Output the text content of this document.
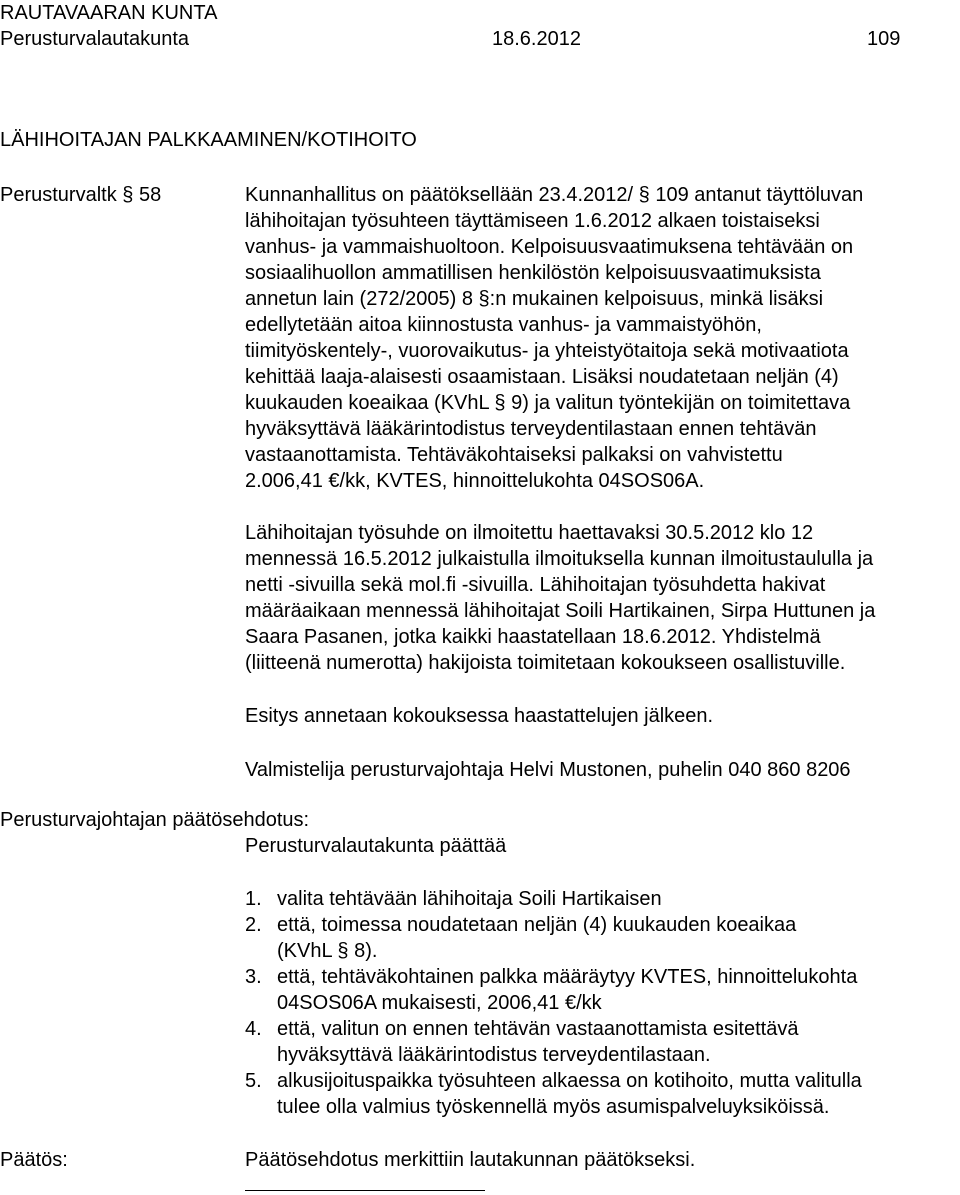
RAUTAVAARAN KUNTA
Perusturvalautakunta	18.6.2012	109
LÄHIHOITAJAN PALKKAAMINEN/KOTIHOITO
Perusturvaltk § 58	Kunnanhallitus on päätöksellään 23.4.2012/ § 109 antanut täyttöluvan
lähihoitajan työsuhteen täyttämiseen 1.6.2012 alkaen toistaiseksi
vanhus- ja vammaishuoltoon. Kelpoisuusvaatimuksena tehtävään on
sosiaalihuollon ammatillisen henkilöstön kelpoisuusvaatimuksista
annetun lain (272/2005) 8 §:n mukainen kelpoisuus, minkä lisäksi
edellytetään aitoa kiinnostusta vanhus- ja vammaistyöhön,
tiimityöskentely-, vuorovaikutus- ja yhteistyötaitoja sekä motivaatiota
kehittää laaja-alaisesti osaamistaan. Lisäksi noudatetaan neljän (4)
kuukauden koeaikaa (KVhL § 9) ja valitun työntekijän on toimitettava
hyväksyttävä lääkärintodistus terveydentilastaan ennen tehtävän
vastaanottamista. Tehtäväkohtaiseksi palkaksi on vahvistettu
2.006,41 €/kk, KVTES, hinnoittelukohta 04SOS06A.
Lähihoitajan työsuhde on ilmoitettu haettavaksi 30.5.2012 klo 12
mennessä 16.5.2012 julkaistulla ilmoituksella kunnan ilmoitustaululla ja
netti -sivuilla sekä mol.fi -sivuilla. Lähihoitajan työsuhdetta hakivat
määräaikaan mennessä lähihoitajat Soili Hartikainen, Sirpa Huttunen ja
Saara Pasanen, jotka kaikki haastatellaan 18.6.2012. Yhdistelmä
(liitteenä numerotta) hakijoista toimitetaan kokoukseen osallistuville.
Esitys annetaan kokouksessa haastattelujen jälkeen.
Valmistelija perusturvajohtaja Helvi Mustonen, puhelin 040 860 8206
Perusturvajohtajan päätösehdotus:
Perusturvalautakunta päättää
1. valita tehtävään lähihoitaja Soili Hartikaisen
2. että, toimessa noudatetaan neljän (4) kuukauden koeaikaa
(KVhL § 8).
3. että, tehtäväkohtainen palkka määräytyy KVTES, hinnoittelukohta
04SOS06A mukaisesti, 2006,41 €/kk
4. että, valitun on ennen tehtävän vastaanottamista esitettävä
hyväksyttävä lääkärintodistus terveydentilastaan.
5. alkusijoituspaikka työsuhteen alkaessa on kotihoito, mutta valitulla
tulee olla valmius työskennellä myös asumispalveluyksiköissä.
Päätös:	Päätösehdotus merkittiin lautakunnan päätökseksi.
